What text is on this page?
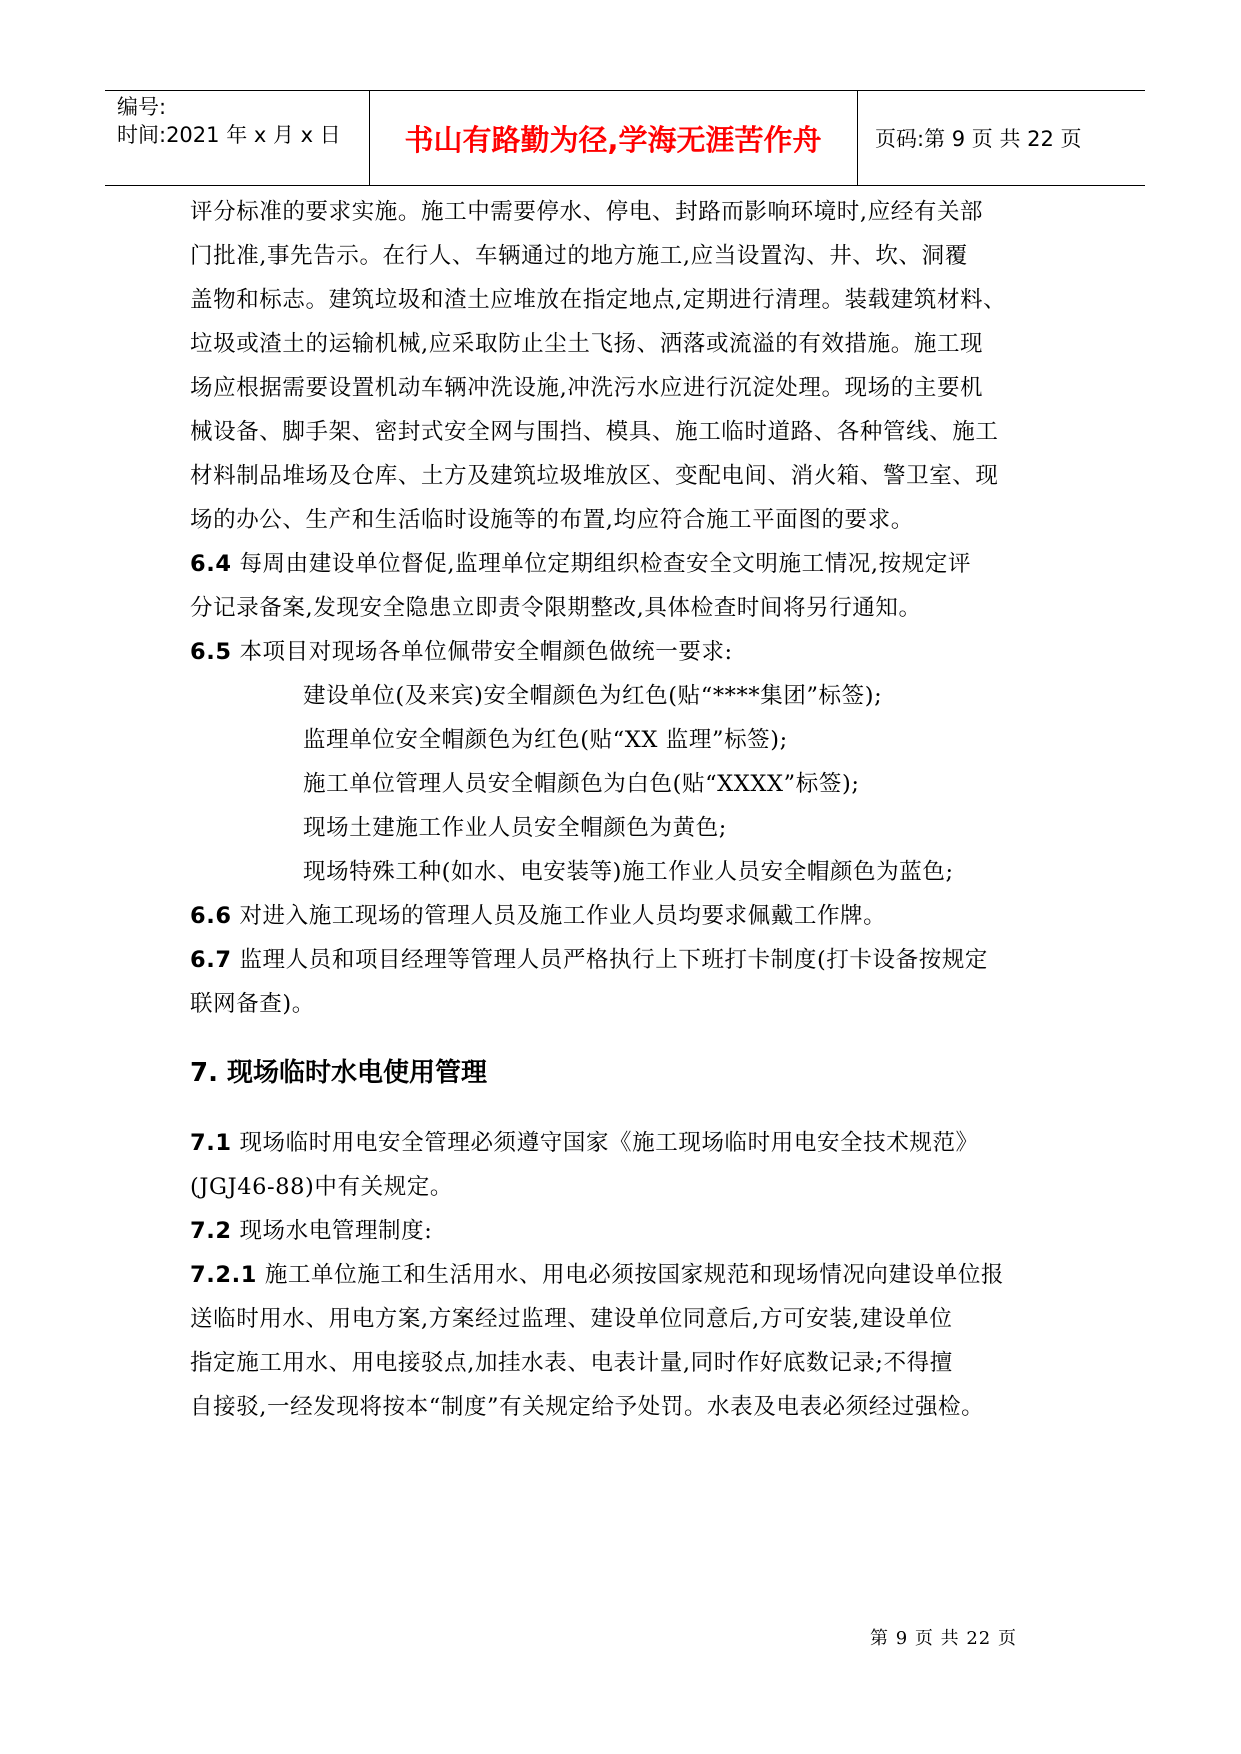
编号:
时间:2021 年 x 月 x 日	书山有路勤为径,学海无涯苦作舟	页码:第 9 页 共 22 页
评分标准的要求实施。施工中需要停水、停电、封路而影响环境时,应经有关部
门批准,事先告示。在行人、车辆通过的地方施工,应当设置沟、井、坎、洞覆
盖物和标志。建筑垃圾和渣土应堆放在指定地点,定期进行清理。装载建筑材料、
垃圾或渣土的运输机械,应采取防止尘土飞扬、洒落或流溢的有效措施。施工现
场应根据需要设置机动车辆冲洗设施,冲洗污水应进行沉淀处理。现场的主要机
械设备、脚手架、密封式安全网与围挡、模具、施工临时道路、各种管线、施工
材料制品堆场及仓库、土方及建筑垃圾堆放区、变配电间、消火箱、警卫室、现
场的办公、生产和生活临时设施等的布置,均应符合施工平面图的要求。
6.4 每周由建设单位督促,监理单位定期组织检查安全文明施工情况,按规定评
分记录备案,发现安全隐患立即责令限期整改,具体检查时间将另行通知。
6.5 本项目对现场各单位佩带安全帽颜色做统一要求:
建设单位(及来宾)安全帽颜色为红色(贴“****集团”标签);
监理单位安全帽颜色为红色(贴“XX 监理”标签);
施工单位管理人员安全帽颜色为白色(贴“XXXX”标签);
现场土建施工作业人员安全帽颜色为黄色;
现场特殊工种(如水、电安装等)施工作业人员安全帽颜色为蓝色;
6.6 对进入施工现场的管理人员及施工作业人员均要求佩戴工作牌。
6.7 监理人员和项目经理等管理人员严格执行上下班打卡制度(打卡设备按规定
联网备查)。
7. 现场临时水电使用管理
7.1 现场临时用电安全管理必须遵守国家《施工现场临时用电安全技术规范》
(JGJ46-88)中有关规定。
7.2 现场水电管理制度:
7.2.1 施工单位施工和生活用水、用电必须按国家规范和现场情况向建设单位报
送临时用水、用电方案,方案经过监理、建设单位同意后,方可安装,建设单位
指定施工用水、用电接驳点,加挂水表、电表计量,同时作好底数记录;不得擅
自接驳,一经发现将按本“制度”有关规定给予处罚。水表及电表必须经过强检。
第 9 页 共 22 页
